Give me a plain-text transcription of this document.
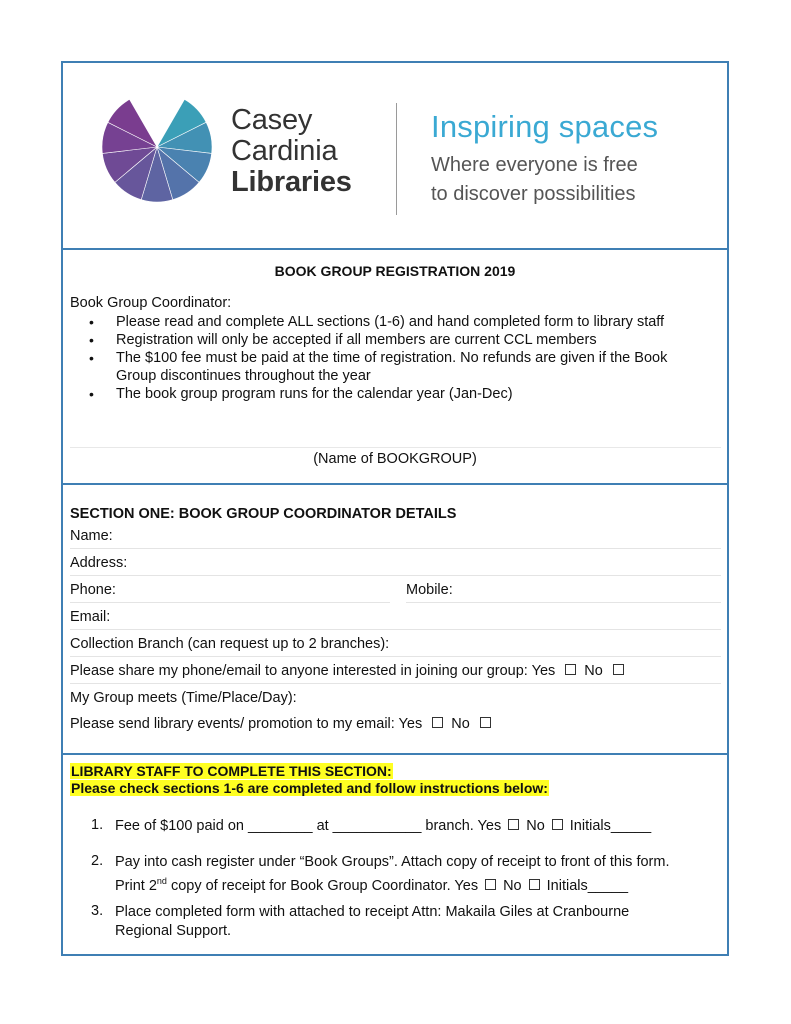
Casey
Cardinia
Libraries
Inspiring spaces
Where everyone is free
to discover possibilities
BOOK GROUP REGISTRATION 2019
Book Group Coordinator:
• Please read and complete ALL sections (1-6) and hand completed form to library staff
• Registration will only be accepted if all members are current CCL members
• The $100 fee must be paid at the time of registration. No refunds are given if the Book Group discontinues throughout the year
• The book group program runs for the calendar year (Jan-Dec)
(Name of BOOKGROUP)
SECTION ONE: BOOK GROUP COORDINATOR DETAILS
Name:
Address:
Phone:	Mobile:
Email:
Collection Branch (can request up to 2 branches):
Please share my phone/email to anyone interested in joining our group: Yes No
My Group meets (Time/Place/Day):
Please send library events/ promotion to my email: Yes No
LIBRARY STAFF TO COMPLETE THIS SECTION:
Please check sections 1-6 are completed and follow instructions below:
1. Fee of $100 paid on ________ at ___________ branch. Yes No Initials_____
2. Pay into cash register under “Book Groups”. Attach copy of receipt to front of this form.
Print 2nd copy of receipt for Book Group Coordinator. Yes No Initials_____
3. Place completed form with attached to receipt Attn: Makaila Giles at Cranbourne
Regional Support.
